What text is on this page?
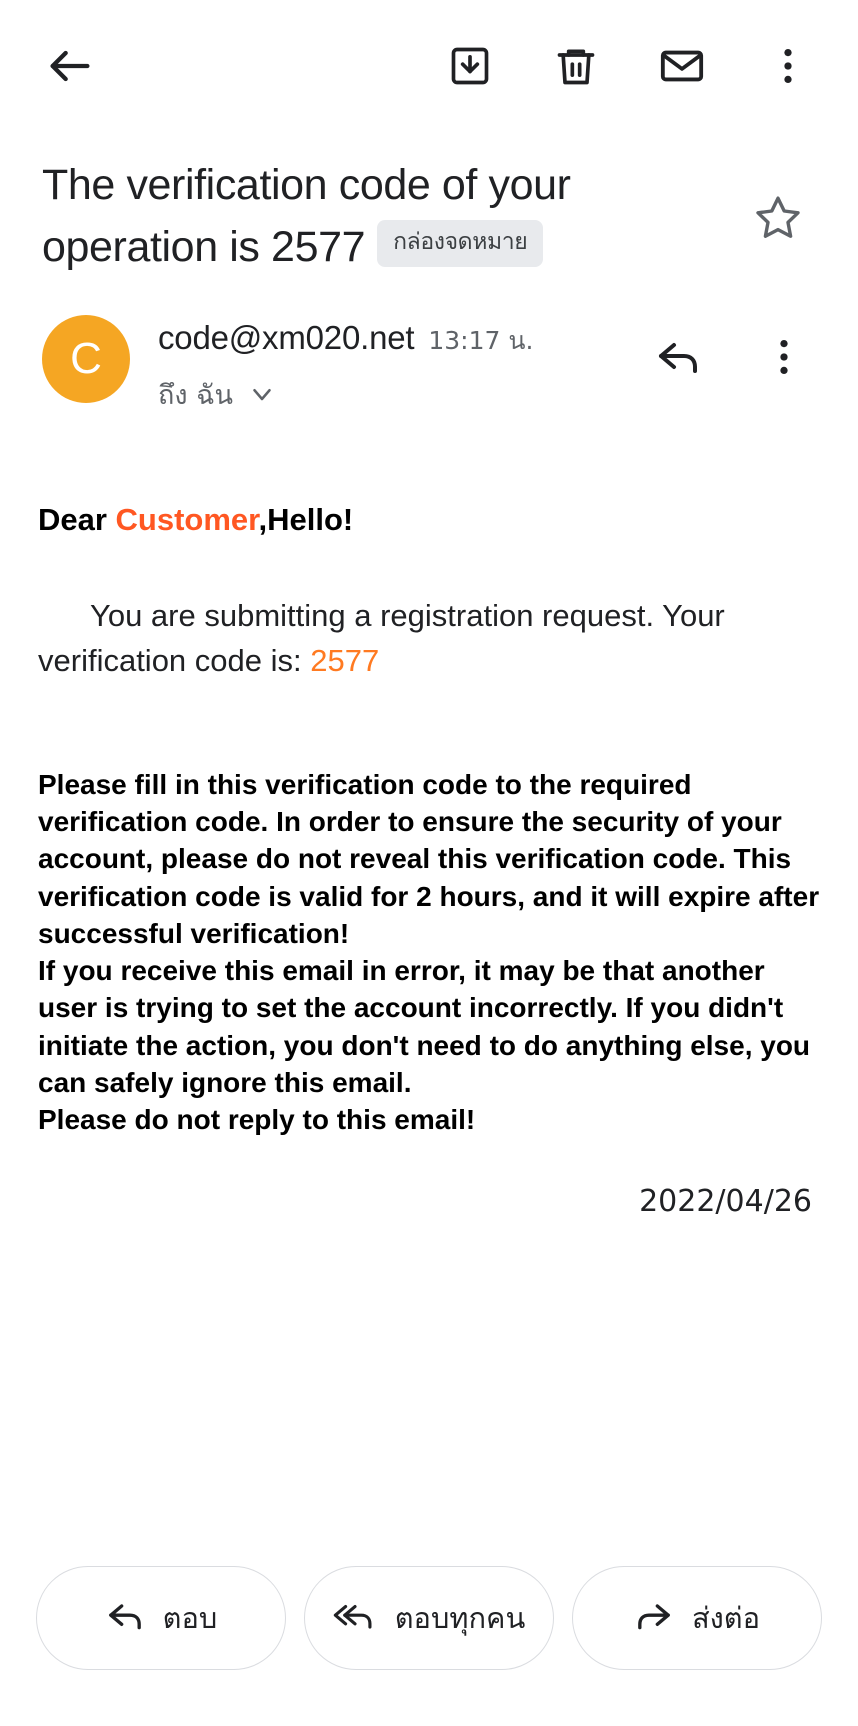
The verification code of your operation is 2577 กล่องจดหมาย
C	code@xm020.net 13:17 น.
ถึง ฉัน
Dear Customer,Hello!
You are submitting a registration request. Your verification code is: 2577

Please fill in this verification code to the required verification code. In order to ensure the security of your account, please do not reveal this verification code. This verification code is valid for 2 hours, and it will expire after successful verification!

If you receive this email in error, it may be that another user is trying to set the account incorrectly. If you didn't initiate the action, you don't need to do anything else, you can safely ignore this email.

Please do not reply to this email!

2022/04/26
ตอบ	ตอบทุกคน	ส่งต่อ
